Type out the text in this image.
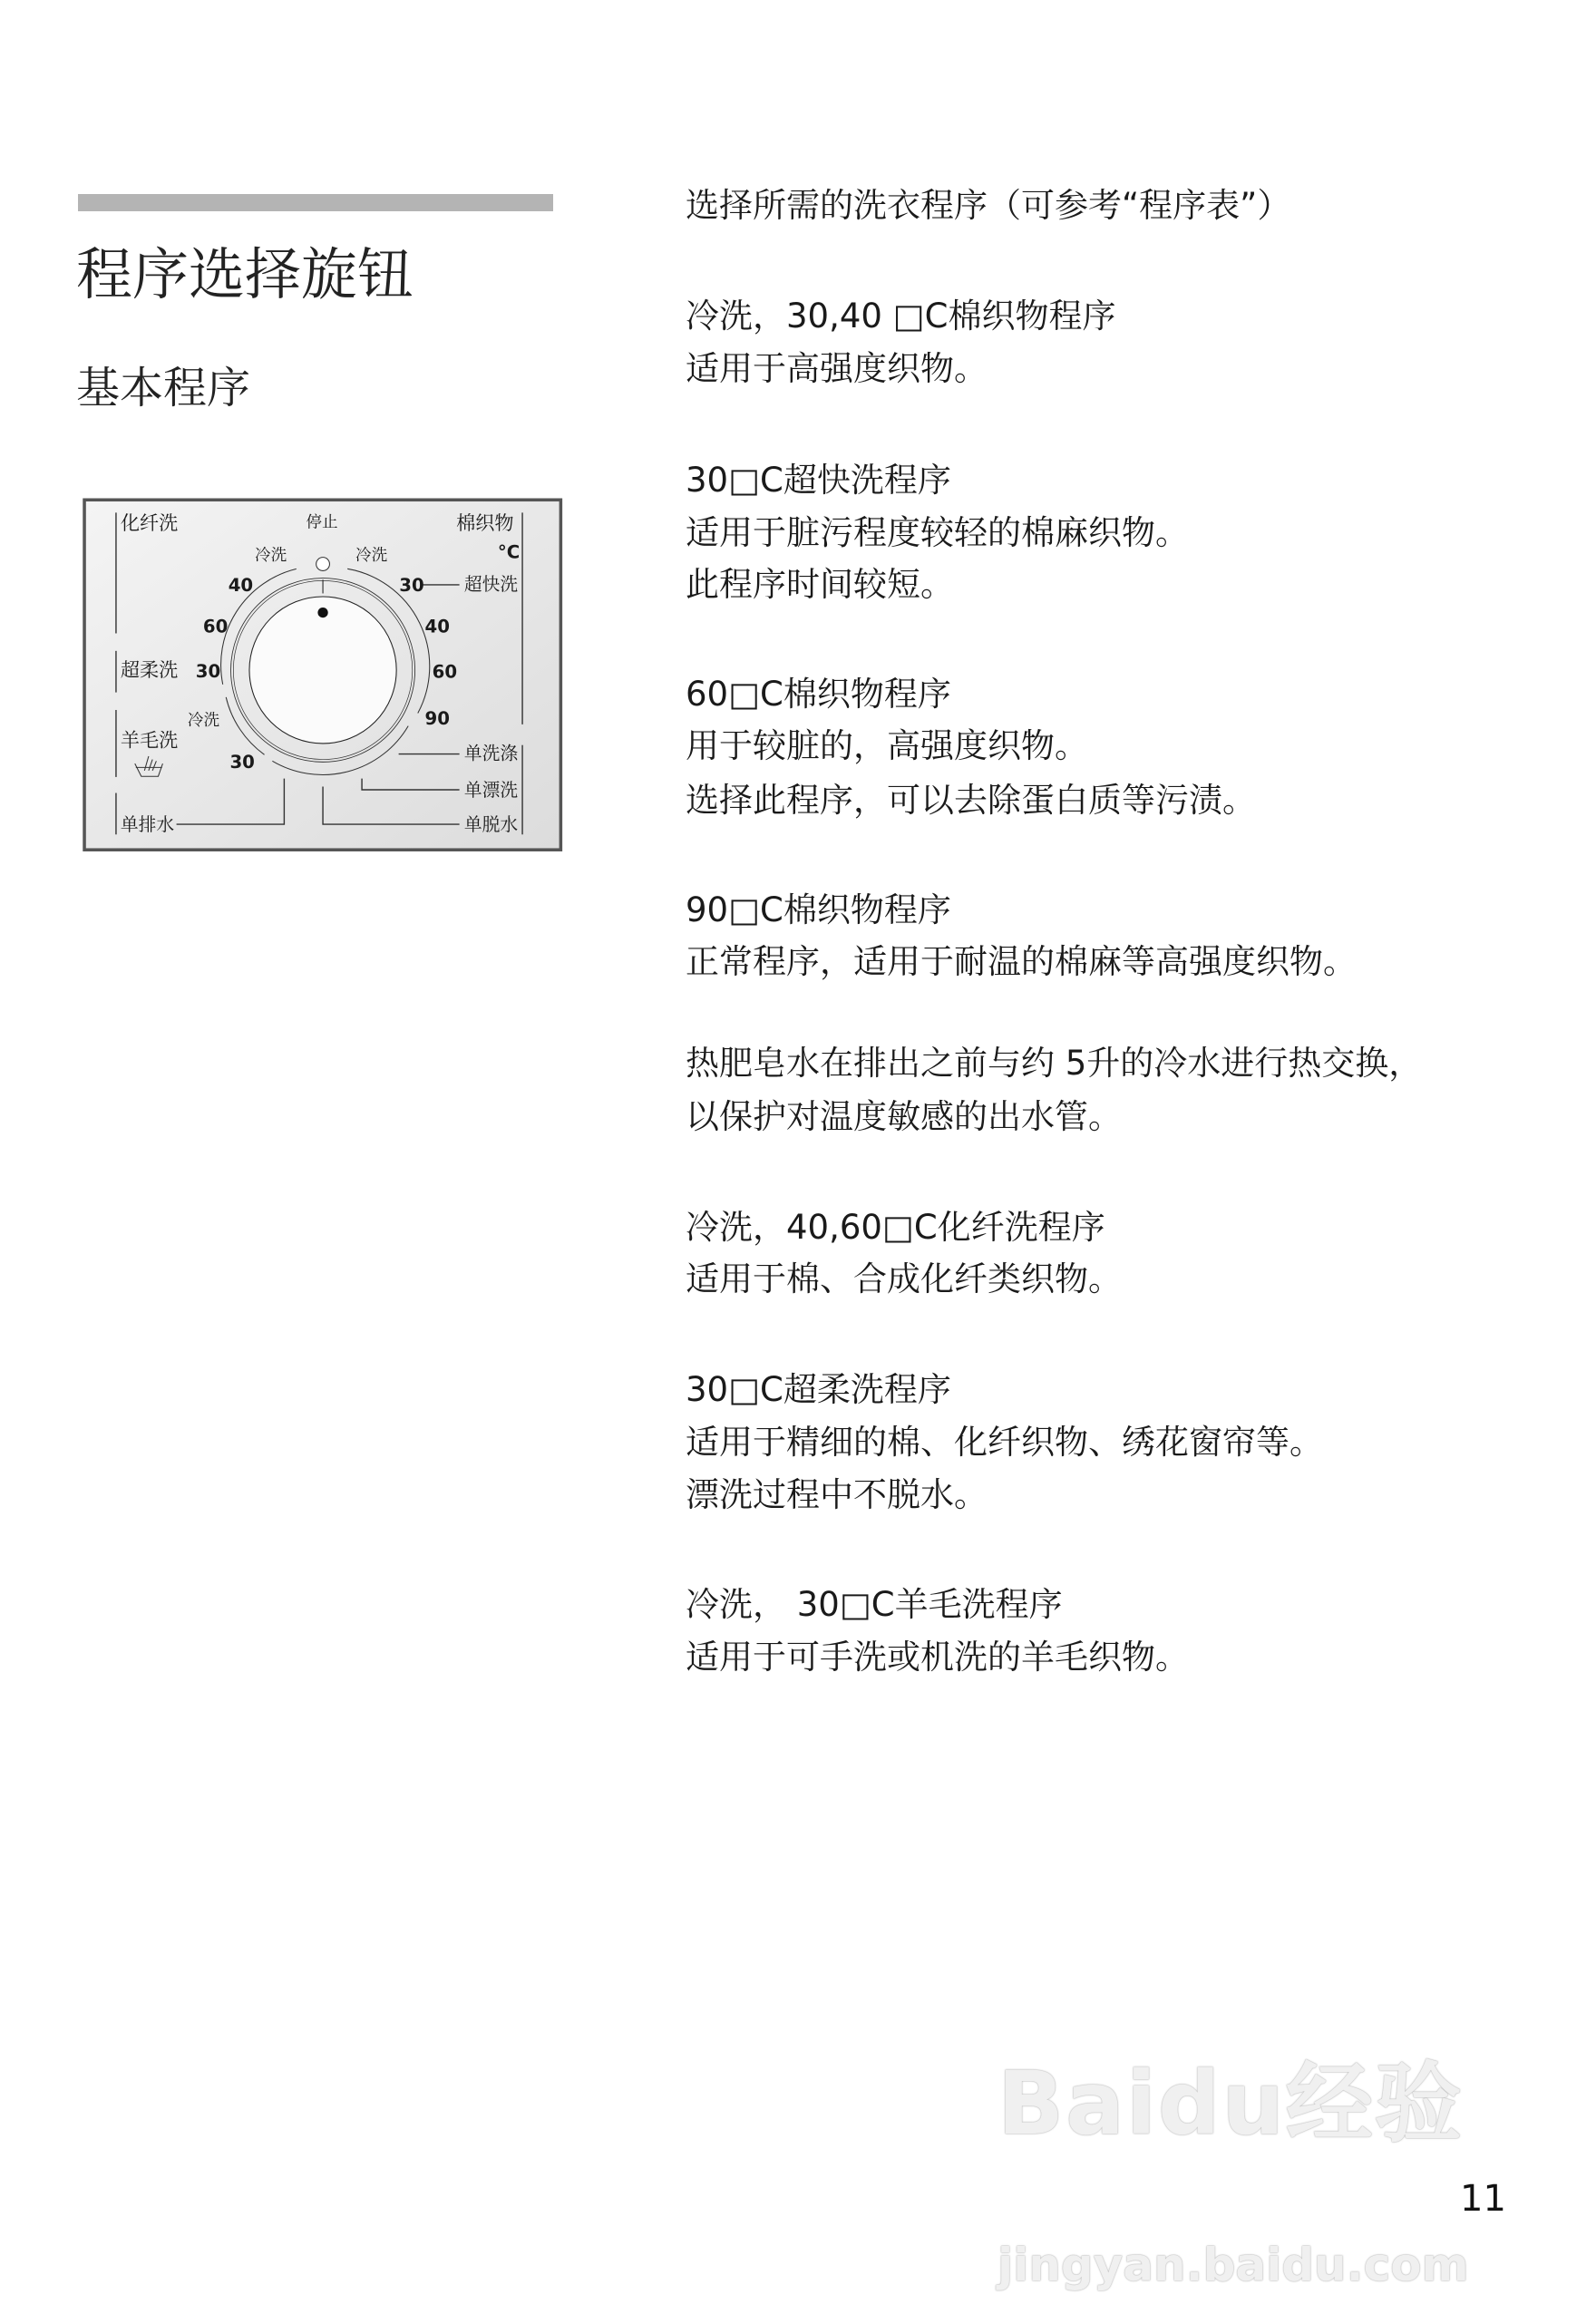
程序选择旋钮
基本程序
化纤洗	停止 棉织物
°C
冷洗 冷洗
40
60
超柔洗 30
冷洗
羊毛洗
30
30 超快洗
40
60
90
单洗涤
单漂洗
单脱水
单排水
选择所需的洗衣程序（可参考“程序表”）
冷洗，30,40 □C棉织物程序
适用于高强度织物。
30□C超快洗程序
适用于脏污程度较轻的棉麻织物。
此程序时间较短。
60□C棉织物程序
用于较脏的，高强度织物。
选择此程序，可以去除蛋白质等污渍。
90□C棉织物程序
正常程序，适用于耐温的棉麻等高强度织物。
热肥皂水在排出之前与约 5升的冷水进行热交换，
以保护对温度敏感的出水管。
冷洗，40,60□C化纤洗程序
适用于棉、合成化纤类织物。
30□C超柔洗程序
适用于精细的棉、化纤织物、绣花窗帘等。
漂洗过程中不脱水。
冷洗， 30□C羊毛洗程序
适用于可手洗或机洗的羊毛织物。
Baidu经验
jingyan.baidu.com
11
